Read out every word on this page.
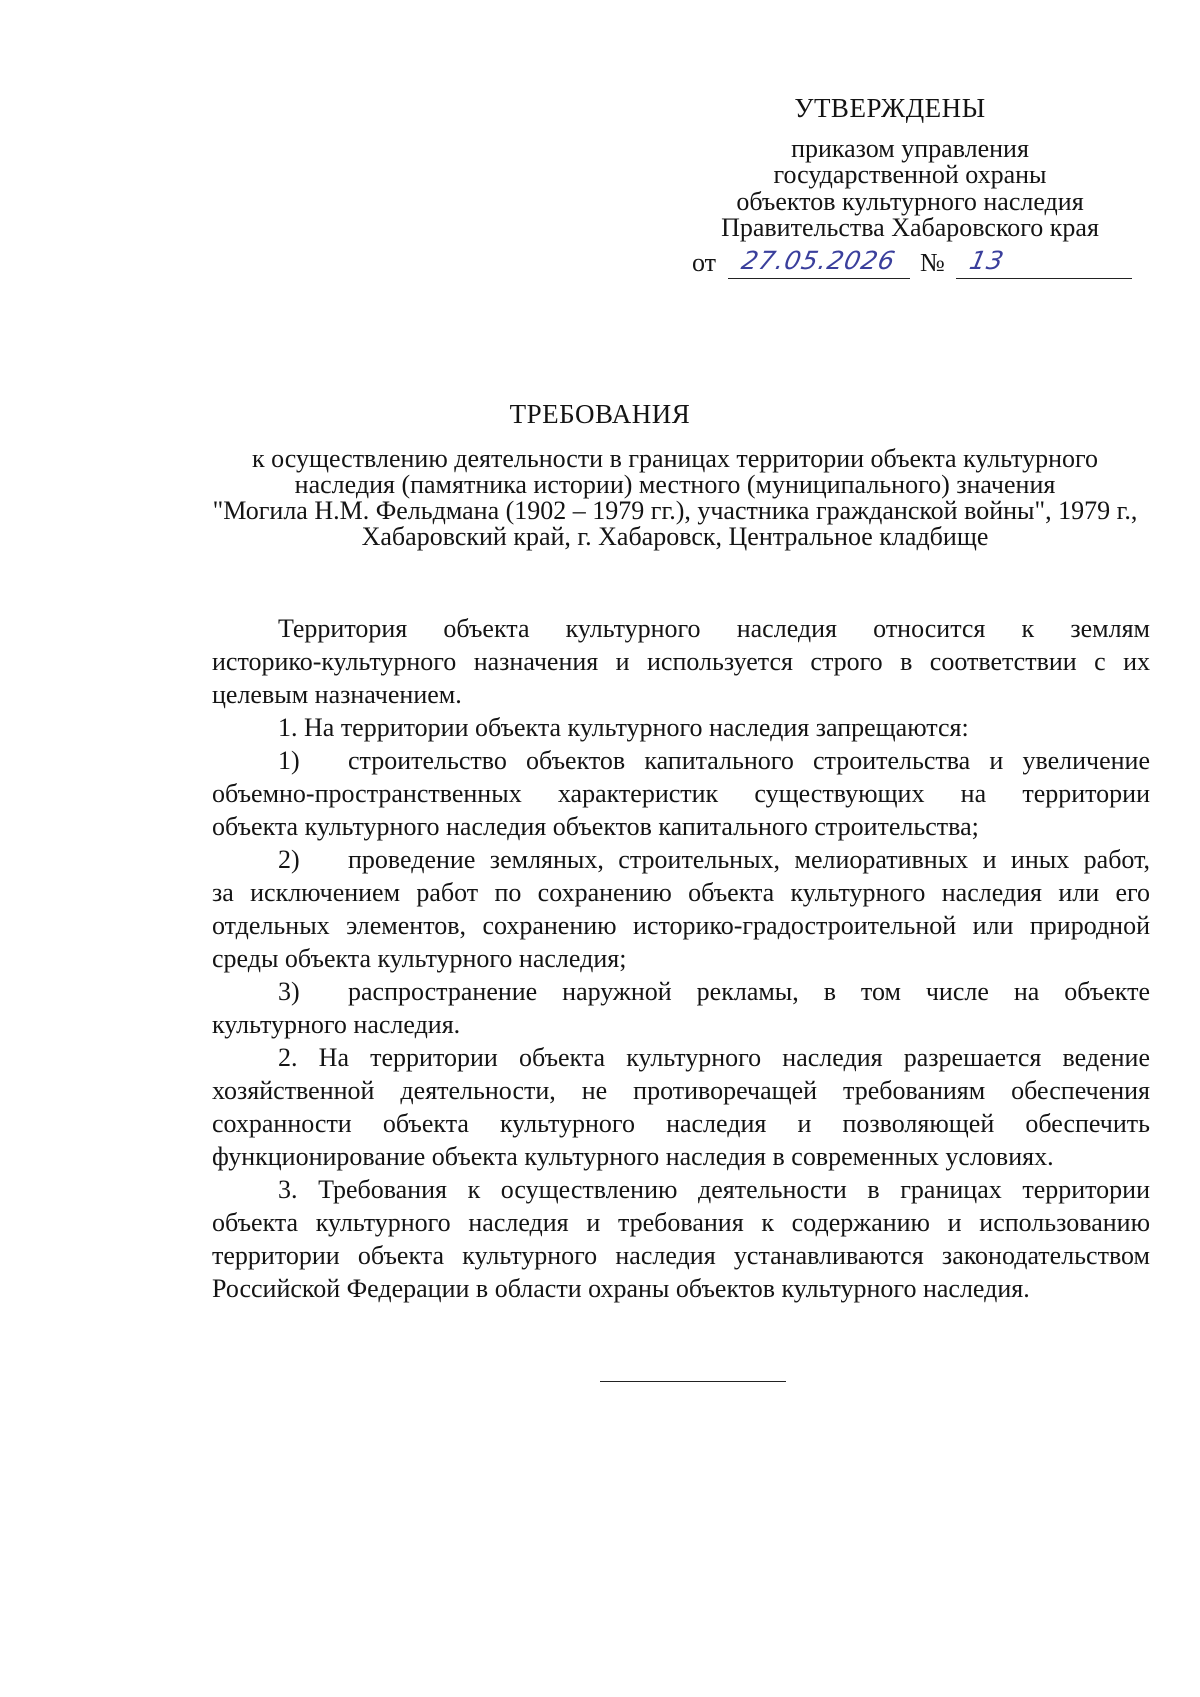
УТВЕРЖДЕНЫ
приказом управления
государственной охраны
объектов культурного наследия
Правительства Хабаровского края
от 27.05.2026 № 13
ТРЕБОВАНИЯ
к осуществлению деятельности в границах территории объекта культурного
наследия (памятника истории) местного (муниципального) значения
"Могила Н.М. Фельдмана (1902 – 1979 гг.), участника гражданской войны", 1979 г.,
Хабаровский край, г. Хабаровск, Центральное кладбище
Территория объекта культурного наследия относится к землям
историко-культурного назначения и используется строго в соответствии с их
целевым назначением.
1. На территории объекта культурного наследия запрещаются:
1) строительство объектов капитального строительства и увеличение
объемно-пространственных характеристик существующих на территории
объекта культурного наследия объектов капитального строительства;
2) проведение земляных, строительных, мелиоративных и иных работ,
за исключением работ по сохранению объекта культурного наследия или его
отдельных элементов, сохранению историко-градостроительной или природной
среды объекта культурного наследия;
3) распространение наружной рекламы, в том числе на объекте
культурного наследия.
2. На территории объекта культурного наследия разрешается ведение
хозяйственной деятельности, не противоречащей требованиям обеспечения
сохранности объекта культурного наследия и позволяющей обеспечить
функционирование объекта культурного наследия в современных условиях.
3. Требования к осуществлению деятельности в границах территории
объекта культурного наследия и требования к содержанию и использованию
территории объекта культурного наследия устанавливаются законодательством
Российской Федерации в области охраны объектов культурного наследия.
